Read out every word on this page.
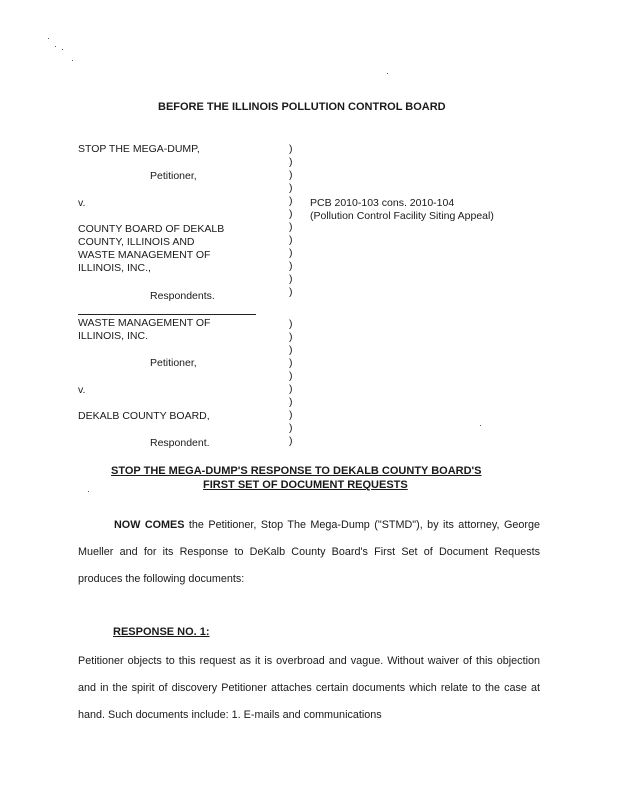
BEFORE THE ILLINOIS POLLUTION CONTROL BOARD
STOP THE MEGA-DUMP,
Petitioner,
v.
COUNTY BOARD OF DEKALB
COUNTY, ILLINOIS AND
WASTE MANAGEMENT OF
ILLINOIS, INC.,
Respondents.
WASTE MANAGEMENT OF
ILLINOIS, INC.
Petitioner,
v.
DEKALB COUNTY BOARD,
Respondent.
)
)
)
)
)
)
)
)
)
)
)
)
)
)
)
)
)
)
)
)
)
)
PCB 2010-103 cons. 2010-104
(Pollution Control Facility Siting Appeal)
STOP THE MEGA-DUMP'S RESPONSE TO DEKALB COUNTY BOARD'S
FIRST SET OF DOCUMENT REQUESTS
NOW COMES the Petitioner, Stop The Mega-Dump ("STMD"), by its attorney, George Mueller and for its Response to DeKalb County Board's First Set of Document Requests produces the following documents:
RESPONSE NO. 1:
Petitioner objects to this request as it is overbroad and vague. Without waiver of this objection and in the spirit of discovery Petitioner attaches certain documents which relate to the case at hand. Such documents include: 1. E-mails and communications
